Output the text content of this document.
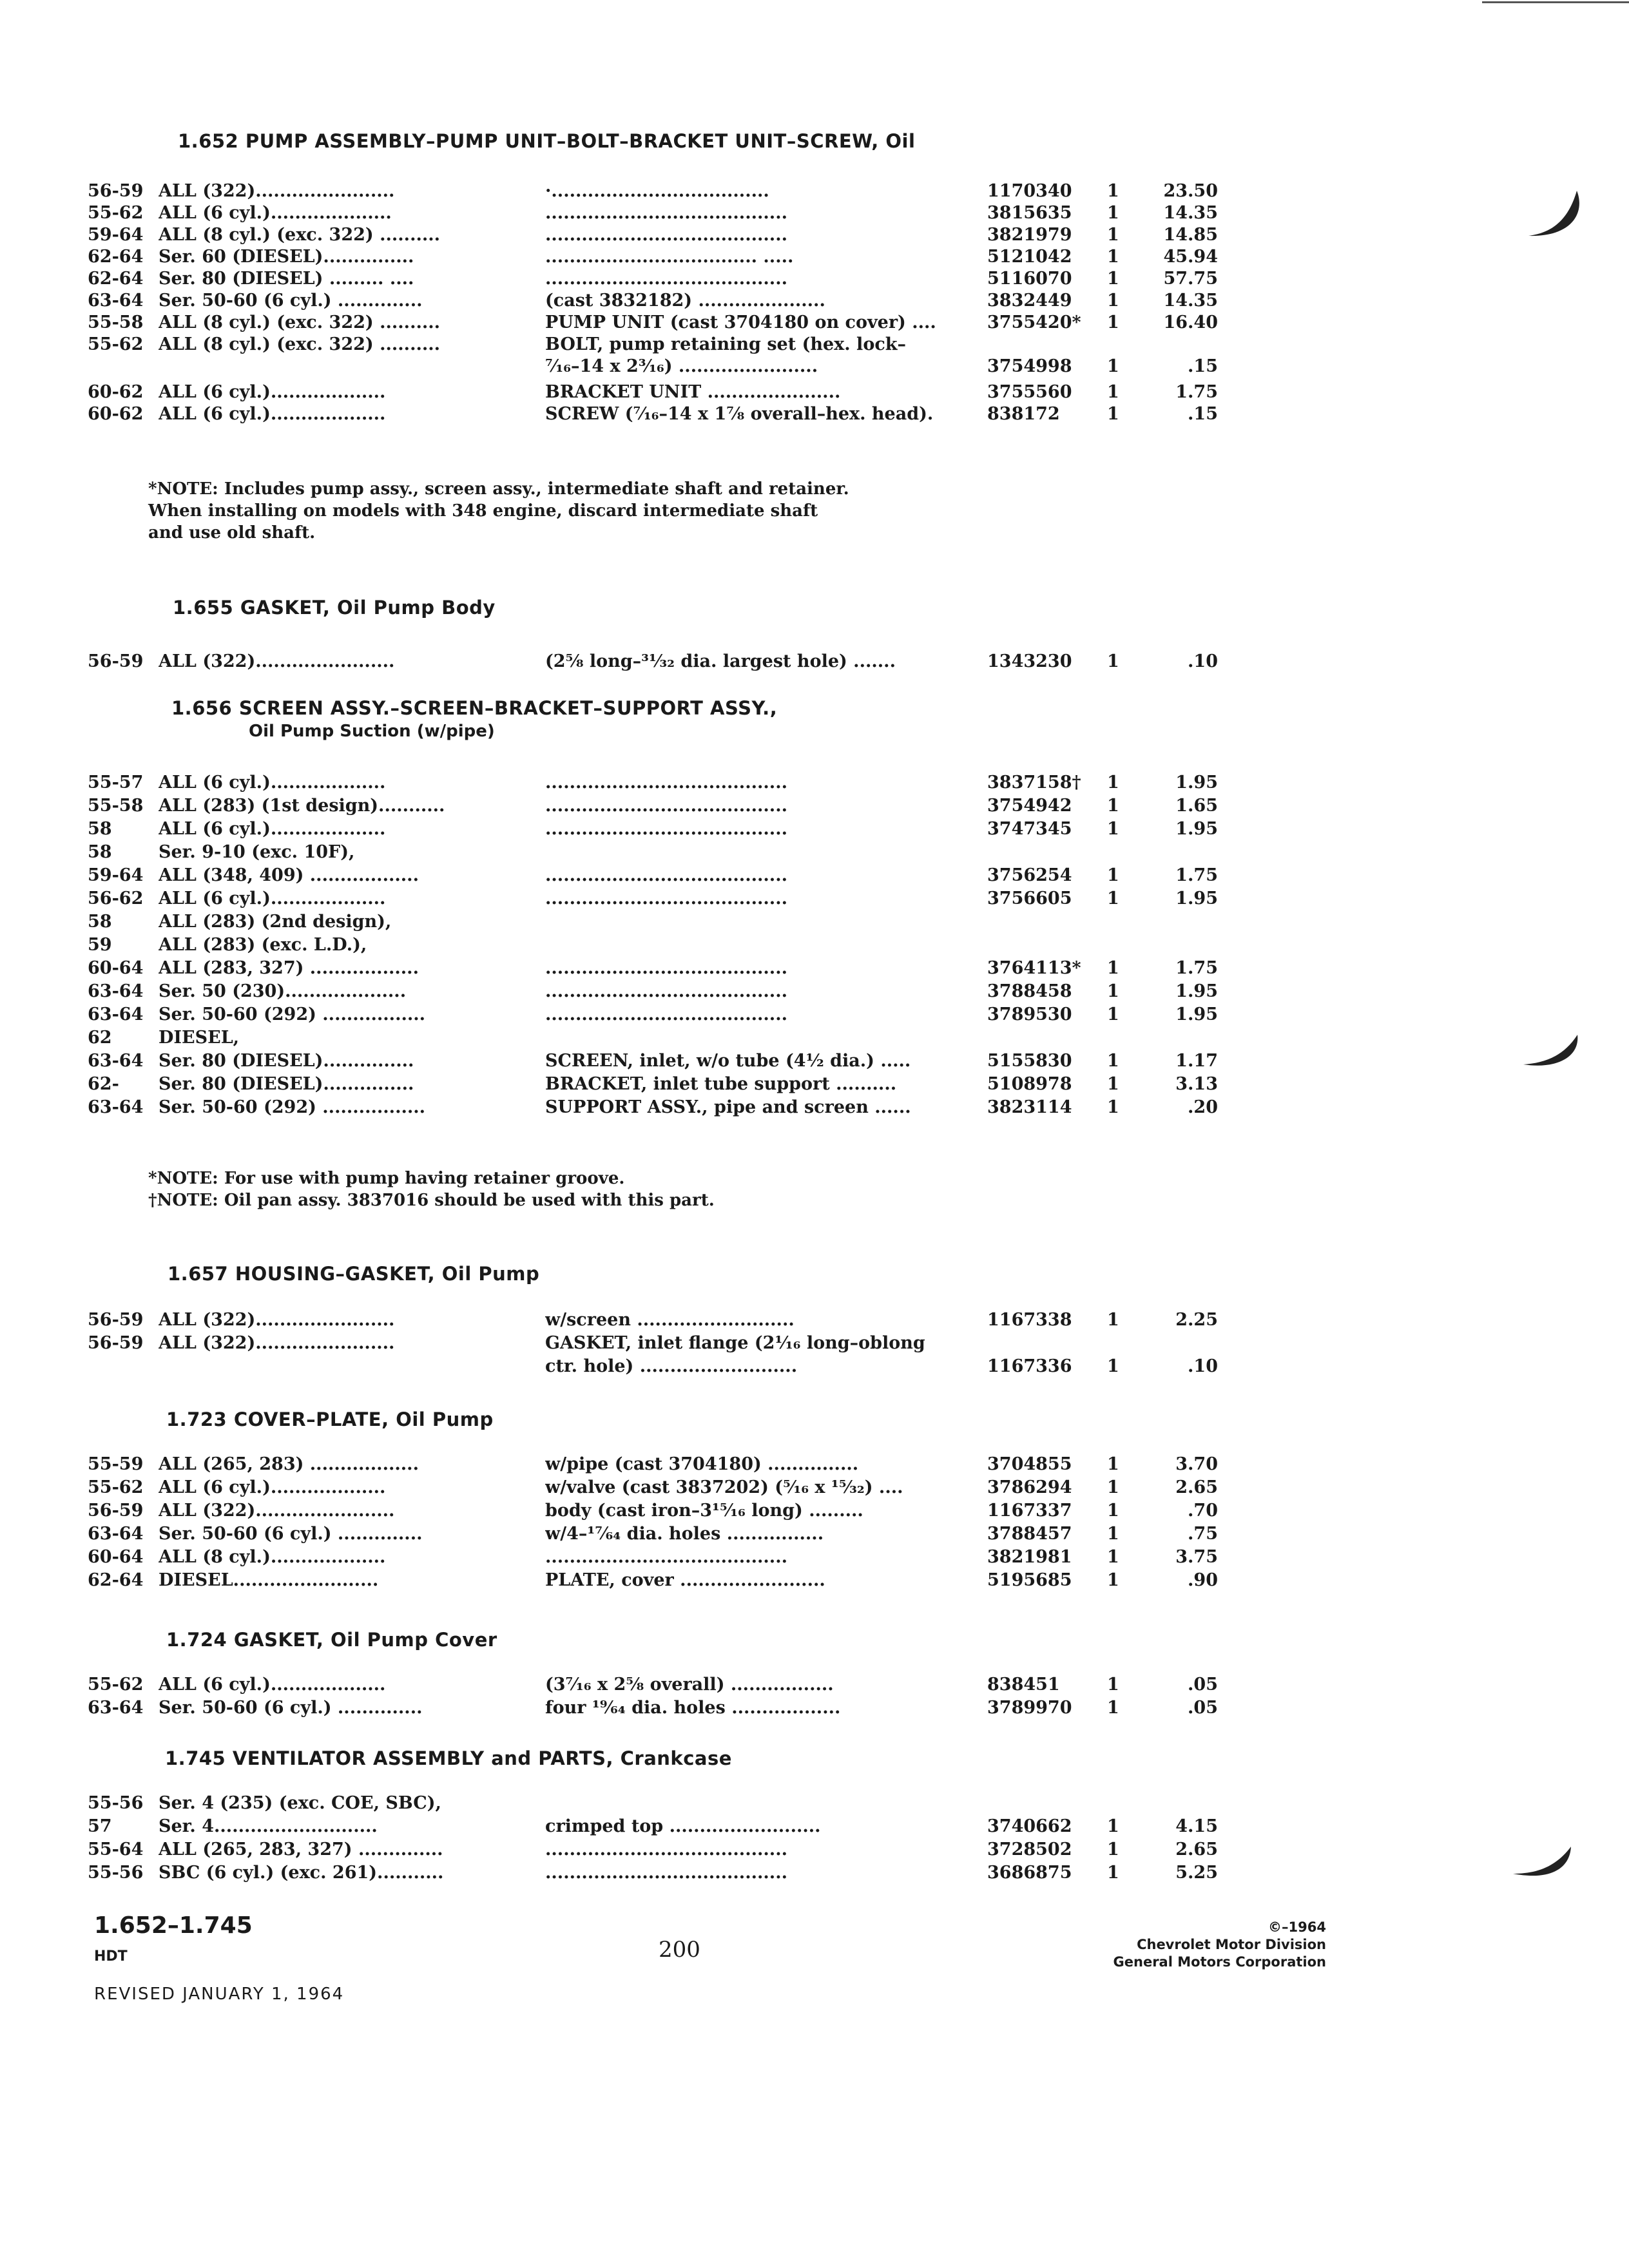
1.652 PUMP ASSEMBLY–PUMP UNIT–BOLT–BRACKET UNIT–SCREW, Oil
56-59 ALL (322).......................	·....................................	1170340 1	23.50
55-62 ALL (6 cyl.)....................	........................................	3815635 1	14.35
59-64 ALL (8 cyl.) (exc. 322) ..........	........................................	3821979 1	14.85
62-64 Ser. 60 (DIESEL)...............	................................... .....	5121042 1	45.94
62-64 Ser. 80 (DIESEL) ......... ....	........................................	5116070 1	57.75
63-64 Ser. 50-60 (6 cyl.) ..............	(cast 3832182) .....................	3832449 1	14.35
55-58 ALL (8 cyl.) (exc. 322) ..........	PUMP UNIT (cast 3704180 on cover) ....	3755420* 1	16.40
55-62 ALL (8 cyl.) (exc. 322) ..........	BOLT, pump retaining set (hex. lock–
⁷⁄₁₆–14 x 2³⁄₁₆) .......................	3754998 1	.15
60-62 ALL (6 cyl.)...................	BRACKET UNIT ......................	3755560 1	1.75
60-62 ALL (6 cyl.)...................	SCREW (⁷⁄₁₆–14 x 1⅞ overall–hex. head).	838172	1	.15
*NOTE: Includes pump assy., screen assy., intermediate shaft and retainer.
When installing on models with 348 engine, discard intermediate shaft
and use old shaft.
1.655 GASKET, Oil Pump Body
56-59 ALL (322).......................	(2⅝ long–³¹⁄₃₂ dia. largest hole) .......	1343230 1	.10
1.656 SCREEN ASSY.–SCREEN–BRACKET–SUPPORT ASSY.,
Oil Pump Suction (w/pipe)
55-57 ALL (6 cyl.)...................	........................................	3837158† 1	1.95
55-58 ALL (283) (1st design)...........	........................................	3754942 1	1.65
58	ALL (6 cyl.)...................	........................................	3747345 1	1.95
58	Ser. 9-10 (exc. 10F),
59-64 ALL (348, 409) ..................	........................................	3756254 1	1.75
56-62 ALL (6 cyl.)...................	........................................	3756605 1	1.95
58	ALL (283) (2nd design),
59	ALL (283) (exc. L.D.),
60-64 ALL (283, 327) ..................	........................................	3764113* 1	1.75
63-64 Ser. 50 (230)....................	........................................	3788458 1	1.95
63-64 Ser. 50-60 (292) .................	........................................	3789530 1	1.95
62	DIESEL,
63-64 Ser. 80 (DIESEL)...............	SCREEN, inlet, w/o tube (4½ dia.) .....	5155830 1	1.17
62- Ser. 80 (DIESEL)...............	BRACKET, inlet tube support ..........	5108978 1	3.13
63-64 Ser. 50-60 (292) .................	SUPPORT ASSY., pipe and screen ......	3823114 1	.20
*NOTE: For use with pump having retainer groove.
†NOTE: Oil pan assy. 3837016 should be used with this part.
1.657 HOUSING–GASKET, Oil Pump
56-59 ALL (322).......................	w/screen ..........................	1167338 1	2.25
56-59 ALL (322).......................	GASKET, inlet flange (2¹⁄₁₆ long–oblong
ctr. hole) ..........................	1167336 1	.10
1.723 COVER–PLATE, Oil Pump
55-59 ALL (265, 283) ..................	w/pipe (cast 3704180) ...............	3704855 1	3.70
55-62 ALL (6 cyl.)...................	w/valve (cast 3837202) (⁵⁄₁₆ x ¹⁵⁄₃₂) ....	3786294 1	2.65
56-59 ALL (322).......................	body (cast iron–3¹⁵⁄₁₆ long) .........	1167337 1	.70
63-64 Ser. 50-60 (6 cyl.) ..............	w/4–¹⁷⁄₆₄ dia. holes ................	3788457 1	.75
60-64 ALL (8 cyl.)...................	........................................	3821981 1	3.75
62-64 DIESEL........................	PLATE, cover ........................	5195685 1	.90
1.724 GASKET, Oil Pump Cover
55-62 ALL (6 cyl.)...................	(3⁷⁄₁₆ x 2⅝ overall) .................	838451	1	.05
63-64 Ser. 50-60 (6 cyl.) ..............	four ¹⁹⁄₆₄ dia. holes ..................	3789970 1	.05
1.745 VENTILATOR ASSEMBLY and PARTS, Crankcase
55-56 Ser. 4 (235) (exc. COE, SBC),
57	Ser. 4...........................	crimped top .........................	3740662 1	4.15
55-64 ALL (265, 283, 327) ..............	........................................	3728502 1	2.65
55-56 SBC (6 cyl.) (exc. 261)...........	........................................	3686875 1	5.25
1.652–1.745
HDT	200
©–1964
Chevrolet Motor Division
General Motors Corporation
REVISED JANUARY 1, 1964
